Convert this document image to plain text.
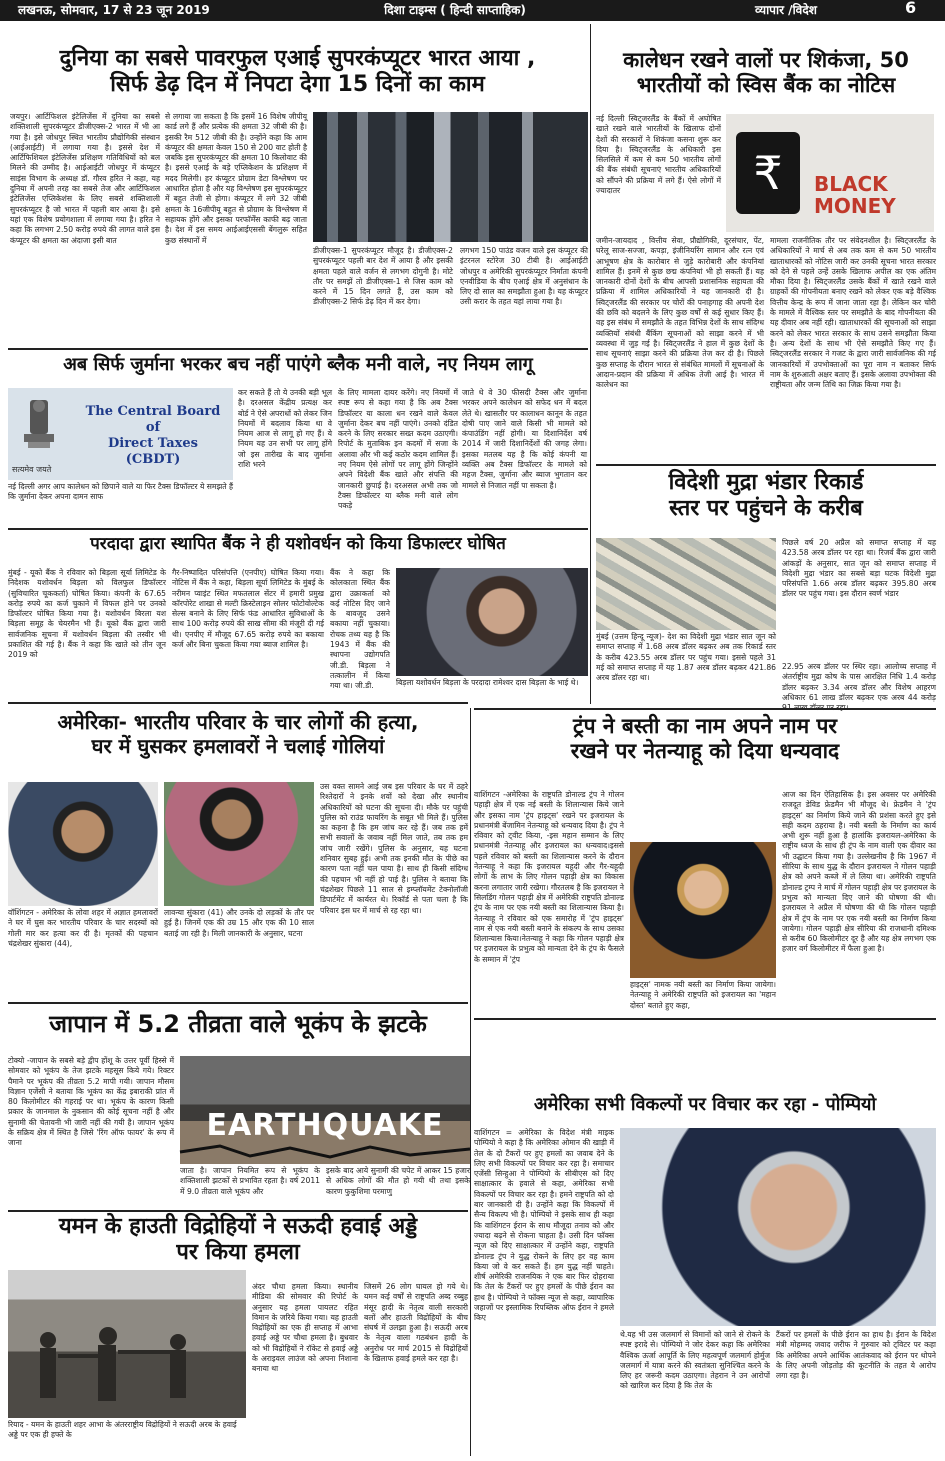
लखनऊ, सोमवार, 17 से 23 जून 2019	दिशा टाइम्स ( हिन्दी साप्ताहिक)	व्यापार /विदेश	6
दुनिया का सबसे पावरफुल एआई सुपरकंप्यूटर भारत आया ,
सिर्फ डेढ़ दिन में निपटा देगा 15 दिनों का काम
जयपुर। आर्टिफिशल इंटेलिजेंस में दुनिया का सबसे शक्तिशाली सुपरकंप्यूटर डीजीएक्स-2 भारत में भी आ गया है। इसे जोधपुर स्थित भारतीय प्रौद्योगिकी संस्थान (आईआईटी) में लगाया गया है। इससे देश में आर्टिफिशियल इंटेलिजेंस प्रशिक्षण गतिविधियों को बल मिलने की उम्मीद है। आईआईटी जोधपुर में कंप्यूटर साइंस विभाग के अध्यक्ष डॉ. गौरव हरित ने कहा, यह दुनिया में अपनी तरह का सबसे तेज और आर्टिफिशल इंटेलिजेंस एप्लिकेशंस के लिए सबसे शक्तिशाली सुपरकंप्यूटर है जो भारत में पहली बार आया है। इसे यहां एक विशेष प्रयोगशाला में लगाया गया है। हरित ने कहा कि लगभग 2.50 करोड़ रुपये की लागत वाले इस कंप्यूटर की क्षमता का अंदाजा इसी बात
से लगाया जा सकता है कि इसमें 16 विशेष जीपीयू कार्ड लगे हैं और प्रत्येक की क्षमता 32 जीबी की है। इसकी रैम 512 जीबी की है। उन्होंने कहा कि आम कंप्यूटर की क्षमता केवल 150 से 200 वाट होती है जबकि इस सुपरकंप्यूटर की क्षमता 10 किलोवाट की है। इससे एआई के बड़े एप्लिकेशन के प्रशिक्षण में मदद मिलेगी। हर कंप्यूटर प्रोग्राम डेटा विश्लेषण पर आधारित होता है और यह विश्लेषण इस सुपरकंप्यूटर में बहुत तेजी से होगा। कंप्यूटर में लगे 32 जीबी क्षमता के 16जीपीयू बहुत से प्रोग्राम के विश्लेषण में सहायक होंगे और इसका परफॉर्मेंस काफी बढ़ जाता है। देश में इस समय आईआईएससी बेंगलुरू सहित कुछ संस्थानों में
डीजीएक्स-1 सुपरकंप्यूटर मौजूद है। डीजीएक्स-2 सुपरकंप्यूटर पहली बार देश में आया है और इसकी क्षमता पहले वाले वर्जन से लगभग दोगुनी है। मोटे तौर पर समझें तो डीजीएक्स-1 से जिस काम को करने में 15 दिन लगते हैं, उस काम को डीजीएक्स-2 सिर्फ डेढ़ दिन में कर देगा।
लगभग 150 पाउंड वजन वाले इस कंप्यूटर की इंटरनल स्टोरेज 30 टीबी है। आईआईटी जोधपुर व अमेरिकी सुपरकंप्यूटर निर्माता कंपनी एनवीडिया के बीच एआई क्षेत्र में अनुसंधान के लिए दो साल का समझौता हुआ है। यह कंप्यूटर उसी करार के तहत यहां लाया गया है।
अब सिर्फ जुर्माना भरकर बच नहीं पाएंगे ब्लैक मनी वाले, नए नियम लागू
सत्यमेव जयते
The Central Board
of
Direct Taxes
(CBDT)
नई दिल्ली अगर आप कालेधन को छिपाने वाले या फिर टैक्स डिफॉल्टर ये समझते हैं कि जुर्माना देकर अपना दामन साफ
कर सकते हैं तो ये उनकी बड़ी भूल है। दरअसल केंद्रीय प्रत्यक्ष कर बोर्ड ने ऐसे अपराधों को लेकर जिन नियमों में बदलाव किया था वे नियम आज से लागू हो गए हैं। ये नियम यह उन सभी पर लागू होंगे जो इस तारीख के बाद जुर्माना राशि भरने
के लिए मामला दायर करेंगे। नए नियमों में स्पष्ट रूप से कहा गया है कि अब टैक्स डिफॉल्टर या काला धन रखने वाले केवल जुर्माना देकर बच नहीं पाएंगे। उनको दंडित करने के लिए सरकार सख्त कदम उठाएगी। रिपोर्ट के मुताबिक इन कदमों में सजा के अलावा और भी कई कठोर कदम शामिल हैं। नए नियम ऐसे लोगों पर लागू होंगे जिन्होंने अपने विदेशी बैंक खाते और संपत्ति की जानकारी छुपाई है। दरअसल अभी तक जो टैक्स डिफॉल्टर या ब्लैक मनी वाले लोग पकड़े
जाते थे वे 30 फीसदी टैक्स और जुर्माना भरकर अपने कालेधन को सफेद धन में बदल लेते थे। खासतौर पर कालाधन कानून के तहत दोषी पाए जाने वाले किसी भी मामले को कंपाउंडिंग नहीं होगी। या दिशानिर्देश वर्ष 2014 में जारी दिशानिर्देशों की जगह लेगा। इसका मतलब यह है कि कोई कंपनी या व्यक्ति अब टैक्स डिफॉल्टर के मामले को महज टैक्स, जुर्माना और ब्याज भुगतान कर मामले से निजात नहीं पा सकता है।
परदादा द्वारा स्थापित बैंक ने ही यशोवर्धन को किया डिफाल्टर घोषित
मुंबई - यूको बैंक ने रविवार को बिड़ला सूर्या लिमिटेड के निदेशक यशोवर्धन बिड़ला को विलफुल डिफॉल्टर (सुविचारित चूककर्ता) घोषित किया। कंपनी के 67.65 करोड़ रुपये का कर्ज चुकाने में विफल होने पर उनको डिफॉल्टर घोषित किया गया है। यशोवर्धन बिरला यश बिड़ला समूह के चेयरमैन भी हैं। यूको बैंक द्वारा जारी सार्वजनिक सूचना में यशोवर्धन बिड़ला की तस्वीर भी प्रकाशित की गई है। बैंक ने कहा कि खाते को तीन जून 2019 को
गैर-निष्पादित परिसंपत्ति (एनपीए) घोषित किया गया। नोटिस में बैंक ने कहा, बिड़ला सूर्या लिमिटेड के मुंबई के नरीमन प्वाइंट स्थित मफतलाल सेंटर में हमारी प्रमुख कॉरपोरेट शाखा से मल्टी क्रिस्टेलाइन सोलर फोटोवोल्टेक सेल्स बनाने के लिए सिर्फ फंड आधारित सुविधाओं के साथ 100 करोड़ रुपये की साख सीमा की मंजूरी दी गई थी। एनपीए में मौजूद 67.65 करोड़ रुपये का बकाया कर्ज और बिना चुकता किया गया ब्याज शामिल है।
बैंक ने कहा कि कोलकाता स्थित बैंक द्वारा उक्राकर्ता को कई नोटिस दिए जाने के बावजूद उसने बकाया नहीं चुकाया। रोचक तथ्य यह है कि 1943 में बैंक की स्थापना उद्योगपति जी.डी. बिड़ला ने तत्कालीन में किया गया था। जी.डी.	बिड़ला यशोवर्धन बिड़ला के परदादा रामेश्वर दास बिड़ला के भाई थे।
कालेधन रखने वालों पर शिकंजा, 50
भारतीयों को स्विस बैंक का नोटिस
नई दिल्ली स्विट्जरलैंड के बैंकों में अघोषित खाते रखने वाले भारतीयों के खिलाफ दोनों देशों की सरकारों ने शिकंजा कसना शुरू कर दिया है। स्विट्जरलैंड के अधिकारी इस सिलसिले में कम से कम 50 भारतीय लोगों की बैंक संबंधी सूचनाएं भारतीय अधिकारियों को सौंपने की प्रक्रिया में लगे हैं। ऐसे लोगों में ज्यादातर	₹	BLACK
MONEY
जमीन-जायदाद , वित्तीय सेवा, प्रौद्योगिकी, दूरसंचार, पेंट, घरेलू साज-सज्जा, कपड़ा, इंजीनियरिंग सामान और रत्न एवं आभूषण क्षेत्र के कारोबार से जुड़े कारोबारी और कंपनियां शामिल हैं। इनमें से कुछ छद्म कंपनियां भी हो सकती हैं। यह जानकारी दोनों देशों के बीच आपसी प्रशासनिक सहायता की प्रक्रिया में शामिल अधिकारियों ने यह जानकारी दी है। स्विट्जरलैंड की सरकार पर चोरों की पनाहगाह की अपनी देश की छवि को बदलने के लिए कुछ वर्षों से कई सुधार किए हैं। वह इस संबंध में समझौते के तहत विभिन्न देशों के साथ संदिग्ध व्यक्तियों संबंधी बैंकिंग सूचनाओं को साझा करने में भी व्यवस्था में जुड़ गई है। स्विट्जरलैंड ने हाल में कुछ देशों के साथ सूचनाएं साझा करने की प्रक्रिया तेज कर दी है। पिछले कुछ सप्ताह के दौरान भारत से संबंधित मामलों में सूचनाओं के आदान-प्रदान की प्रक्रिया में अधिक तेजी आई है। भारत में कालेधन का
मामला राजनीतिक तौर पर संवेदनशील है। स्विट्जरलैंड के अधिकारियों ने मार्च से अब तक कम से कम 50 भारतीय खाताधारकों को नोटिस जारी कर उनकी सूचना भारत सरकार को देने से पहले उन्हें उसके खिलाफ अपील का एक अंतिम मौका दिया है। स्विट्जरलैंड उसके बैंकों में खाते रखने वाले ग्राहकों की गोपनीयता बनाए रखने को लेकर एक बड़े वैश्विक वित्तीय केन्द्र के रूप में जाना जाता रहा है। लेकिन कर चोरी के मामले में वैश्विक स्तर पर समझौते के बाद गोपनीयता की यह दीवार अब नहीं रही। खाताधारकों की सूचनाओं को साझा करने को लेकर भारत सरकार के साथ उसने समझौता किया है। अन्य देशों के साथ भी ऐसे समझौते किए गए हैं। स्विट्जरलैंड सरकार ने गजट के द्वारा जारी सार्वजनिक की गई जानकारियों में उपभोक्ताओं का पूरा नाम न बताकर सिर्फ नाम के शुरुआती अक्षर बताए हैं। इसके अलावा उपभोक्ता की राष्ट्रीयता और जन्म तिथि का जिक्र किया गया है।
विदेशी मुद्रा भंडार रिकार्ड
स्तर पर पहुंचने के करीब
पिछले वर्ष 20 अप्रैल को समाप्त सप्ताह में यह 423.58 अरब डॉलर पर रहा था। रिजर्व बैंक द्वारा जारी आंकड़ों के अनुसार, सात जून को समाप्त सप्ताह में विदेशी मुद्रा भंडार का सबसे बड़ा घटक विदेशी मुद्रा परिसंपत्ति 1.66 अरब डॉलर बढ़कर 395.80 अरब डॉलर पर पहुंच गया। इस दौरान स्वर्ण भंडार
मुंबई (उत्तम हिन्दू न्यूज)- देश का विदेशी मुद्रा भंडार सात जून को समाप्त सप्ताह में 1.68 अरब डॉलर बढ़कर अब तक रिकार्ड स्तर के करीब 423.55 अरब डॉलर पर पहुंच गया। इससे पहले 31 मई को समाप्त सप्ताह में यह 1.87 अरब डॉलर बढ़कर 421.86 अरब डॉलर रहा था।
22.95 अरब डॉलर पर स्थिर रहा। आलोच्य सप्ताह में अंतर्राष्ट्रीय मुद्रा कोष के पास आरक्षित निधि 1.4 करोड़ डॉलर बढ़कर 3.34 अरब डॉलर और विशेष आहरण अधिकार 61 लाख डॉलर बढ़कर एक अरब 44 करोड़
अमेरिका- भारतीय परिवार के चार लोगों की हत्या,
घर में घुसकर हमलावरों ने चलाई गोलियां
उस वक्त सामने आई जब इस परिवार के घर में ठहरे रिश्तेदारों ने इनके शवों को देखा और स्थानीय अधिकारियों को घटना की सूचना दी। मौके पर पहुंची पुलिस को राउंड फायरिंग के सबूत भी मिले हैं। पुलिस का कहना है कि हम जांच कर रहे हैं। जब तक हमें सभी सवालों के जवाब नहीं मिल जाते, तब तक हम जांच जारी रखेंगे। पुलिस के अनुसार, यह घटना शनिवार सुबह हुई। अभी तक इनकी मौत के पीछे का कारण पता नहीं चल पाया है। साथ ही किसी संदिग्ध की पहचान भी नहीं हो पाई है। पुलिस ने बताया कि चंद्रशेखर पिछले 11 साल से इम्प्लॉयमेंट टेक्नोलॉजी डिपार्टमेंट में कार्यरत थे। रिकॉर्ड से पता चला है कि परिवार इस घर में मार्च से रह रहा था।
वॉशिंगटन - अमेरिका के लोवा शहर में अज्ञात हमलावरों ने घर में घुस कर भारतीय परिवार के चार सदस्यों को गोली मार कर हत्या कर दी है। मृतकों की पहचान चंद्रशेखर सुंकारा (44),
लावन्या सुंकारा (41) और उनके दो लड़कों के तौर पर हुई है। जिनमें एक की उम्र 15 और एक की 10 साल बताई जा रही है। मिली जानकारी के अनुसार, घटना
ट्रंप ने बस्ती का नाम अपने नाम पर
रखने पर नेतन्याहू को दिया धन्यवाद
वाशिंगटन -अमेरिका के राष्ट्रपति डोनाल्ड ट्रंप ने गोलन पहाड़ी क्षेत्र में एक नई बस्ती के शिलान्यास किये जाने और इसका नाम 'ट्रंप हाइट्स' रखने पर इजरायल के प्रधानमंत्री बेंजामिन नेतन्याहू को धन्यवाद दिया है। ट्रंप ने रविवार को ट्वीट किया, -इस महान सम्मान के लिए प्रधानमंत्री नेतन्याहू और इजरायल का धन्यवाद।इससे पहले रविवार को बस्ती का शिलान्यास करने के दौरान नेतन्याहू ने कहा कि इजरायल यहूदी और गैर-यहूदी लोगों के लाभ के लिए गोलन पहाड़ी क्षेत्र का विकास करना लगातार जारी रखेगा। गौरतलब है कि इजरायल ने सिलडिंग गोलन पहाड़ी क्षेत्र में अमेरिकी राष्ट्रपति डोनाल्ड ट्रंप के नाम पर एक नयी बस्ती का शिलान्यास किया है। नेतन्याहू ने रविवार को एक समारोह में 'ट्रंप हाइट्स' नाम से एक नयी बस्ती बनाने के संकल्प के साथ उसका शिलान्यास किया।नेतन्याहू ने कहा कि गोलन पहाड़ी क्षेत्र पर इजरायल के प्रभुत्व को मान्यता देने के ट्रंप के फैसले के सम्मान में 'ट्रंप
आज का दिन ऐतिहासिक है। इस अवसर पर अमेरिकी राजदूत डेविड फ्रेडमैन भी मौजूद थे। फ्रेडमैन ने 'ट्रंप हाइट्स' का निर्माण किये जाने की प्रशंसा करते हुए इसे सही कदम ठहराया है। नयी बस्ती के निर्माण का कार्य अभी शुरू नहीं हुआ है हालांकि इजरायल-अमेरिका के राष्ट्रीय ध्वज के साथ ही ट्रंप के नाम वाली एक दीवार का भी उद्घाटन किया गया है। उल्लेखनीय है कि 1967 में सीरिया के साथ युद्ध के दौरान इजरायल ने गोलन पहाड़ी क्षेत्र को अपने कब्जे में ले लिया था। अमेरिकी राष्ट्रपति डोनाल्ड ट्रम्प ने मार्च में गोलन पहाड़ी क्षेत्र पर इजरायल के प्रभुत्व को मान्यता दिए जाने की घोषणा की थी। इजरायल ने अप्रैल में घोषणा की थी कि गोलन पहाड़ी क्षेत्र में ट्रंप के नाम पर एक नयी बस्ती का निर्माण किया जायेगा। गोलन पहाड़ी क्षेत्र सीरिया की राजधानी दमिश्क से करीब 60 किलोमीटर दूर है और यह क्षेत्र लगभग एक हजार वर्ग किलोमीटर में फैला हुआ है।
हाइट्स' नामक नयी बस्ती का निर्माण किया जायेगा। नेतन्याहू ने अमेरिकी राष्ट्रपति को इजरायल का 'महान दोस्त' बताते हुए कहा,
जापान में 5.2 तीव्रता वाले भूकंप के झटके
टोक्यो -जापान के सबसे बड़े द्वीप होंशू के उत्तर पूर्वी हिस्से में सोमवार को भूकंप के तेज झटके महसूस किये गये। रिक्टर पैमाने पर भूकंप की तीव्रता 5.2 मापी गयी। जापान मौसम विज्ञान एजेंसी ने बताया कि भूकंप का केंद्र इबाराकी प्रांत में 80 किलोमीटर की गहराई पर था। भूकंप के कारण किसी प्रकार के जानमाल के नुकसान की कोई सूचना नहीं है और सुनामी की चेतावनी भी जारी नहीं की गयी है। जापान भूकंप के सक्रिय क्षेत्र में स्थित है जिसे 'रिंग ऑफ फायर' के रूप में जाना	EARTHQUAKE
जाता है। जापान नियमित रूप से भूकंप के शक्तिशाली झटकों से प्रभावित रहता है। वर्ष 2011 में 9.0 तीव्रता वाले भूकंप और
इसके बाद आये सुनामी की चपेट में आकर 15 हजार से अधिक लोगों की मौत हो गयी थी तथा इसके कारण फुकुशिमा परमाणु
यमन के हाउती विद्रोहियों ने सऊदी हवाई अड्डे
पर किया हमला
रियाद - यमन के हाउती शहर आभा के अंतरराष्ट्रीय विद्रोहियों ने सऊदी अरब के हवाई अड्डे पर एक ही हफ्ते के
अंदर चौथा हमला किया। स्थानीय मीडिया की सोमवार की रिपोर्ट के अनुसार यह हमला पायलट रहित विमान के जरिये किया गया। यह हाउती विद्रोहियों का एक ही सप्ताह में आभा हवाई अड्डे पर चौथा हमला है। बुधवार को भी विद्रोहियों ने रॉकेट से हवाई अड्डे के अराइवल लाउंज को अपना निशाना बनाया था
जिसमें 26 लोग घायल हो गये थे। यमन कई वर्षों से राष्ट्रपति अब्द रब्बुह मंसूर हादी के नेतृत्व वाली सरकारी बलों और हाउती विद्रोहियों के बीच संघर्ष में उलझा हुआ है। सऊदी अरब के नेतृत्व वाला गठबंधन हादी के अनुरोध पर मार्च 2015 से विद्रोहियों के खिलाफ हवाई हमले कर रहा है।
अमेरिका सभी विकल्पों पर विचार कर रहा - पोम्पियो
वाशिंगटन = अमेरिका के विदेश मंत्री माइक पोम्पियो ने कहा है कि अमेरिका ओमान की खाड़ी में तेल के दो टैंकरों पर हुए हमलों का जवाब देने के लिए सभी विकल्पों पर विचार कर रहा है। समाचार एजेंसी सिन्हुआ ने पोम्पियो के सीबीएस को दिए साक्षात्कार के हवाले से कहा, अमेरिका सभी विकल्पों पर विचार कर रहा है। हमने राष्ट्रपति को दो बार जानकारी दी है। उन्होंने कहा कि विकल्पों में सैन्य विकल्प भी है। पोम्पियो ने इसके साथ ही कहा कि वाशिंगटन ईरान के साथ मौजूदा तनाव को और ज्यादा बढ़ने से रोकना चाहता है। उसी दिन फॉक्स न्यूज को दिए साक्षात्कार में उन्होंने कहा, राष्ट्रपति डोनाल्ड ट्रंप ने युद्ध रोकने के लिए हर वह काम किया जो वे कर सकते हैं। हम युद्ध नहीं चाहते। शीर्ष अमेरिकी राजनयिक ने एक बार फिर दोहराया कि तेल के टैंकरों पर हुए हमलों के पीछे ईरान का हाथ है। पोम्पियो ने फॉक्स न्यूज से कहा, व्यापारिक जहाजों पर इस्लामिक रिपब्लिक ऑफ ईरान ने हमले किए
थे.यह भी उस जलमार्ग से विमानों को जाने से रोकने के स्पष्ट इरादे से। पोम्पियो ने जोर देकर कहा कि अमेरिका वैश्विक ऊर्जा आपूर्ति के लिए महत्वपूर्ण जलमार्ग होर्मुज जलमार्ग में यात्रा करने की स्वतंत्रता सुनिश्चित करने के लिए हर जरूरी कदम उठाएगा। तेहरान ने उन आरोपों को खारिज कर दिया है कि तेल के
टैंकरों पर हमलों के पीछे ईरान का हाथ है। ईरान के विदेश मंत्री मोहम्मद जवाद जरीफ ने गुरुवार को ट्विटर पर कहा कि अमेरिका अपने आर्थिक आतंकवाद को ईरान पर थोपने के लिए अपनी जोड़तोड़ की कूटनीति के तहत ये आरोप लगा रहा है।
